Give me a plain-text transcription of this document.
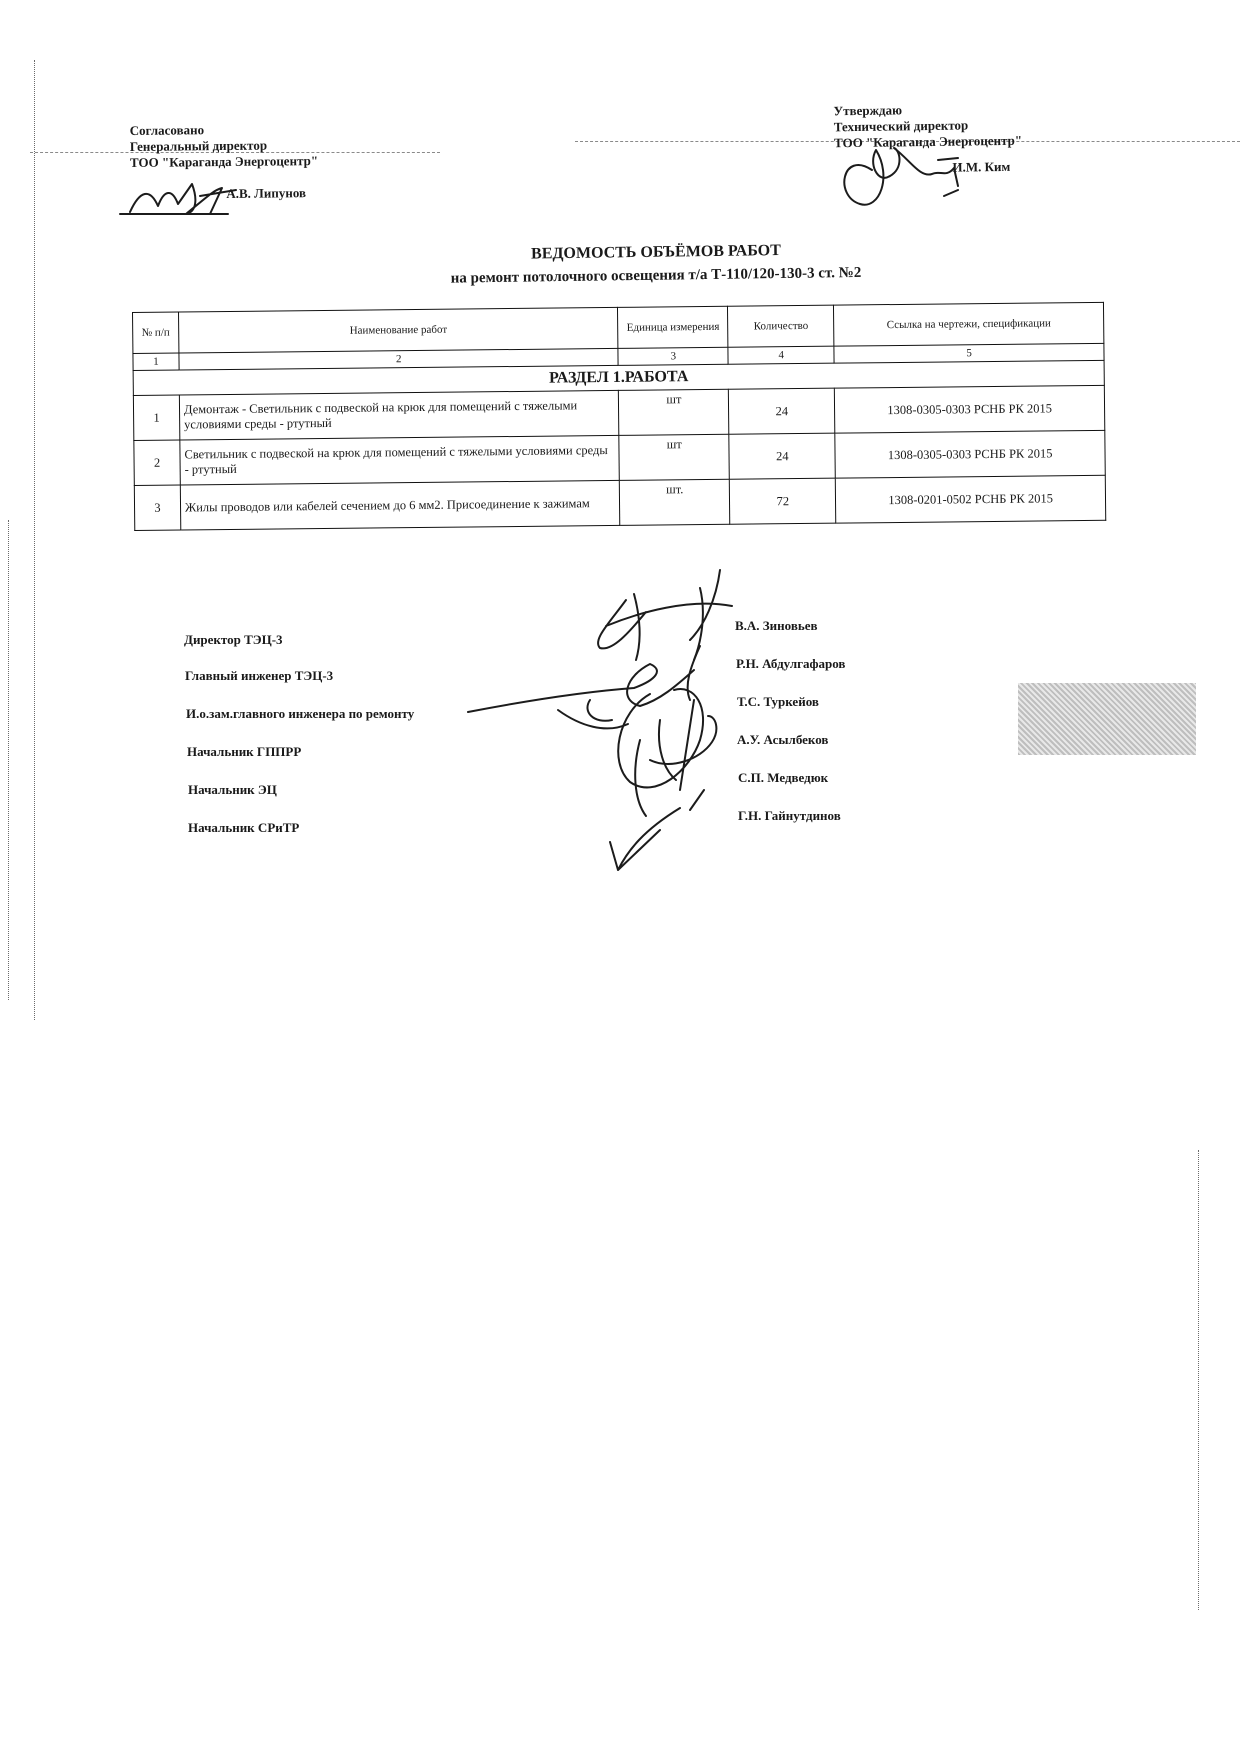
Согласовано
Генеральный директор
ТОО "Караганда Энергоцентр"
А.В. Липунов
Утверждаю
Технический директор
ТОО "Караганда Энергоцентр"
И.М. Ким
ВЕДОМОСТЬ ОБЪЁМОВ РАБОТ
на ремонт потолочного освещения т/а Т-110/120-130-3 ст. №2
№ п/п	Наименование работ	Единица измерения	Количество	Ссылка на чертежи, спецификации
1	2	3	4	5
РАЗДЕЛ 1.РАБОТА				
1	Демонтаж - Светильник с подвеской на крюк для помещений с тяжелыми условиями среды - ртутный	шт	24	1308-0305-0303 РСНБ РК 2015
2	Светильник с подвеской на крюк для помещений с тяжелыми условиями среды - ртутный	шт	24	1308-0305-0303 РСНБ РК 2015
3	Жилы проводов или кабелей сечением до 6 мм2. Присоединение к зажимам	шт.	72	1308-0201-0502 РСНБ РК 2015
Директор ТЭЦ-3
Главный инженер ТЭЦ-3
И.о.зам.главного инженера по ремонту
Начальник ГППРР
Начальник ЭЦ
Начальник СРиТР
В.А. Зиновьев
Р.Н. Абдулгафаров
Т.С. Туркейов
А.У. Асылбеков
С.П. Медведюк
Г.Н. Гайнутдинов
